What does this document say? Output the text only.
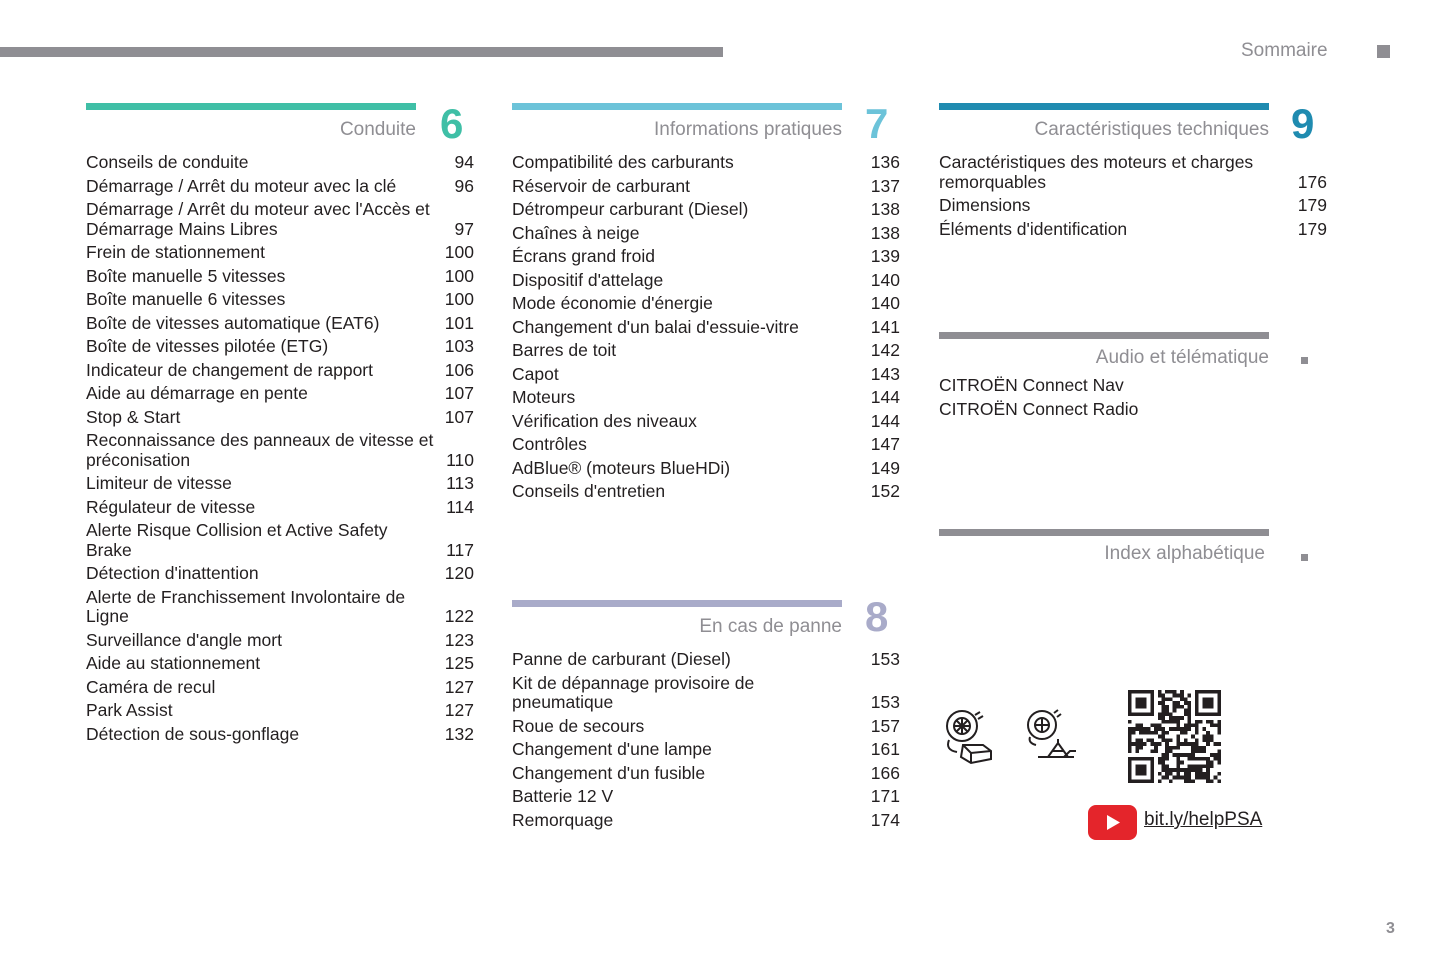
Sommaire
Conduite 6
Conseils de conduite	94
Démarrage / Arrêt du moteur avec la clé	96
Démarrage / Arrêt du moteur avec l'Accès et Démarrage Mains Libres	97
Frein de stationnement	100
Boîte manuelle 5 vitesses	100
Boîte manuelle 6 vitesses	100
Boîte de vitesses automatique (EAT6)	101
Boîte de vitesses pilotée (ETG)	103
Indicateur de changement de rapport	106
Aide au démarrage en pente	107
Stop & Start	107
Reconnaissance des panneaux de vitesse et préconisation	110
Limiteur de vitesse	113
Régulateur de vitesse	114
Alerte Risque Collision et Active Safety Brake	117
Détection d'inattention	120
Alerte de Franchissement Involontaire de Ligne	122
Surveillance d'angle mort	123
Aide au stationnement	125
Caméra de recul	127
Park Assist	127
Détection de sous-gonflage	132
Informations pratiques 7
Compatibilité des carburants	136
Réservoir de carburant	137
Détrompeur carburant (Diesel)	138
Chaînes à neige	138
Écrans grand froid	139
Dispositif d'attelage	140
Mode économie d'énergie	140
Changement d'un balai d'essuie-vitre	141
Barres de toit	142
Capot	143
Moteurs	144
Vérification des niveaux	144
Contrôles	147
AdBlue® (moteurs BlueHDi)	149
Conseils d'entretien	152
En cas de panne 8
Panne de carburant (Diesel)	153
Kit de dépannage provisoire de pneumatique	153
Roue de secours	157
Changement d'une lampe	161
Changement d'un fusible	166
Batterie 12 V	171
Remorquage	174
Caractéristiques techniques 9
Caractéristiques des moteurs et charges remorquables	176
Dimensions	179
Éléments d'identification	179
Audio et télématique
CITROËN Connect Nav
CITROËN Connect Radio
Index alphabétique
bit.ly/helpPSA
3
